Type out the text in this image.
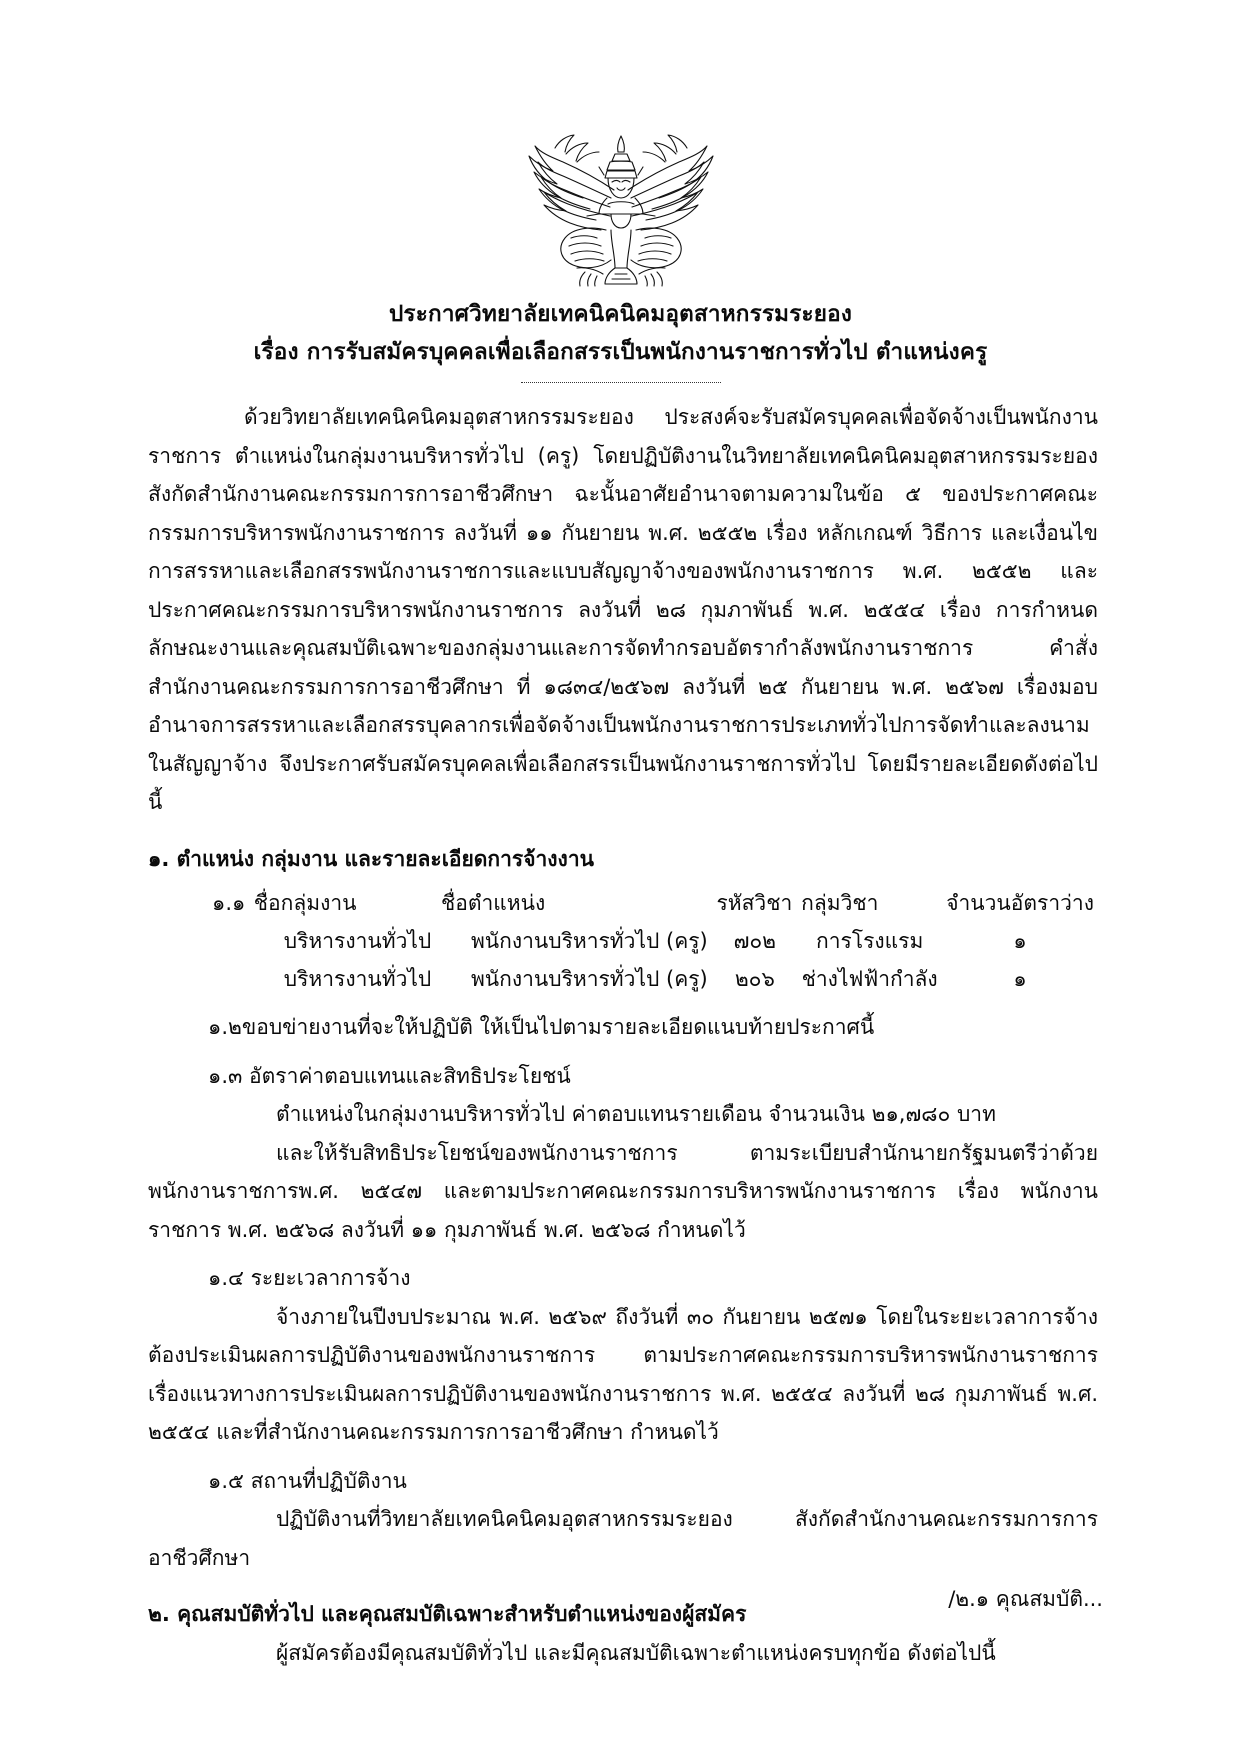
ประกาศวิทยาลัยเทคนิคนิคมอุตสาหกรรมระยอง
เรื่อง การรับสมัครบุคคลเพื่อเลือกสรรเป็นพนักงานราชการทั่วไป ตำแหน่งครู

ด้วยวิทยาลัยเทคนิคนิคมอุตสาหกรรมระยอง ประสงค์จะรับสมัครบุคคลเพื่อจัดจ้างเป็นพนักงานราชการ ตำแหน่งในกลุ่มงานบริหารทั่วไป (ครู) โดยปฏิบัติงานในวิทยาลัยเทคนิคนิคมอุตสาหกรรมระยอง สังกัดสำนักงานคณะกรรมการการอาชีวศึกษา ฉะนั้นอาศัยอำนาจตามความในข้อ ๕ ของประกาศคณะกรรมการบริหารพนักงานราชการ ลงวันที่ ๑๑ กันยายน พ.ศ. ๒๕๕๒ เรื่อง หลักเกณฑ์ วิธีการ และเงื่อนไขการสรรหาและเลือกสรรพนักงานราชการและแบบสัญญาจ้างของพนักงานราชการ พ.ศ. ๒๕๕๒ และประกาศคณะกรรมการบริหารพนักงานราชการ ลงวันที่ ๒๘ กุมภาพันธ์ พ.ศ. ๒๕๕๔ เรื่อง การกำหนดลักษณะงานและคุณสมบัติเฉพาะของกลุ่มงานและการจัดทำกรอบอัตรากำลังพนักงานราชการ คำสั่งสำนักงานคณะกรรมการการอาชีวศึกษา ที่ ๑๘๓๔/๒๕๖๗ ลงวันที่ ๒๕ กันยายน พ.ศ. ๒๕๖๗ เรื่องมอบอำนาจการสรรหาและเลือกสรรบุคลากรเพื่อจัดจ้างเป็นพนักงานราชการประเภททั่วไปการจัดทำและลงนามในสัญญาจ้าง จึงประกาศรับสมัครบุคคลเพื่อเลือกสรรเป็นพนักงานราชการทั่วไป โดยมีรายละเอียดดังต่อไปนี้

๑. ตำแหน่ง กลุ่มงาน และรายละเอียดการจ้างงาน
๑.๑	ชื่อกลุ่มงาน	ชื่อตำแหน่ง	รหัสวิชา	กลุ่มวิชา	จำนวนอัตราว่าง
	บริหารงานทั่วไป	พนักงานบริหารทั่วไป (ครู)	๗๐๒	การโรงแรม	๑
	บริหารงานทั่วไป	พนักงานบริหารทั่วไป (ครู)	๒๐๖	ช่างไฟฟ้ากำลัง	๑
๑.๒ขอบข่ายงานที่จะให้ปฏิบัติ ให้เป็นไปตามรายละเอียดแนบท้ายประกาศนี้
๑.๓ อัตราค่าตอบแทนและสิทธิประโยชน์

ตำแหน่งในกลุ่มงานบริหารทั่วไป ค่าตอบแทนรายเดือน จำนวนเงิน ๒๑,๗๘๐ บาท

และให้รับสิทธิประโยชน์ของพนักงานราชการ ตามระเบียบสำนักนายกรัฐมนตรีว่าด้วยพนักงานราชการพ.ศ. ๒๕๔๗ และตามประกาศคณะกรรมการบริหารพนักงานราชการ เรื่อง พนักงานราชการ พ.ศ. ๒๕๖๘ ลงวันที่ ๑๑ กุมภาพันธ์ พ.ศ. ๒๕๖๘ กำหนดไว้

๑.๔ ระยะเวลาการจ้าง

จ้างภายในปีงบประมาณ พ.ศ. ๒๕๖๙ ถึงวันที่ ๓๐ กันยายน ๒๕๗๑ โดยในระยะเวลาการจ้างต้องประเมินผลการปฏิบัติงานของพนักงานราชการ ตามประกาศคณะกรรมการบริหารพนักงานราชการ เรื่องแนวทางการประเมินผลการปฏิบัติงานของพนักงานราชการ พ.ศ. ๒๕๕๔ ลงวันที่ ๒๘ กุมภาพันธ์ พ.ศ. ๒๕๕๔ และที่สำนักงานคณะกรรมการการอาชีวศึกษา กำหนดไว้

๑.๕ สถานที่ปฏิบัติงาน

ปฏิบัติงานที่วิทยาลัยเทคนิคนิคมอุตสาหกรรมระยอง สังกัดสำนักงานคณะกรรมการการอาชีวศึกษา

๒. คุณสมบัติทั่วไป และคุณสมบัติเฉพาะสำหรับตำแหน่งของผู้สมัคร

ผู้สมัครต้องมีคุณสมบัติทั่วไป และมีคุณสมบัติเฉพาะตำแหน่งครบทุกข้อ ดังต่อไปนี้

/๒.๑ คุณสมบัติ...
